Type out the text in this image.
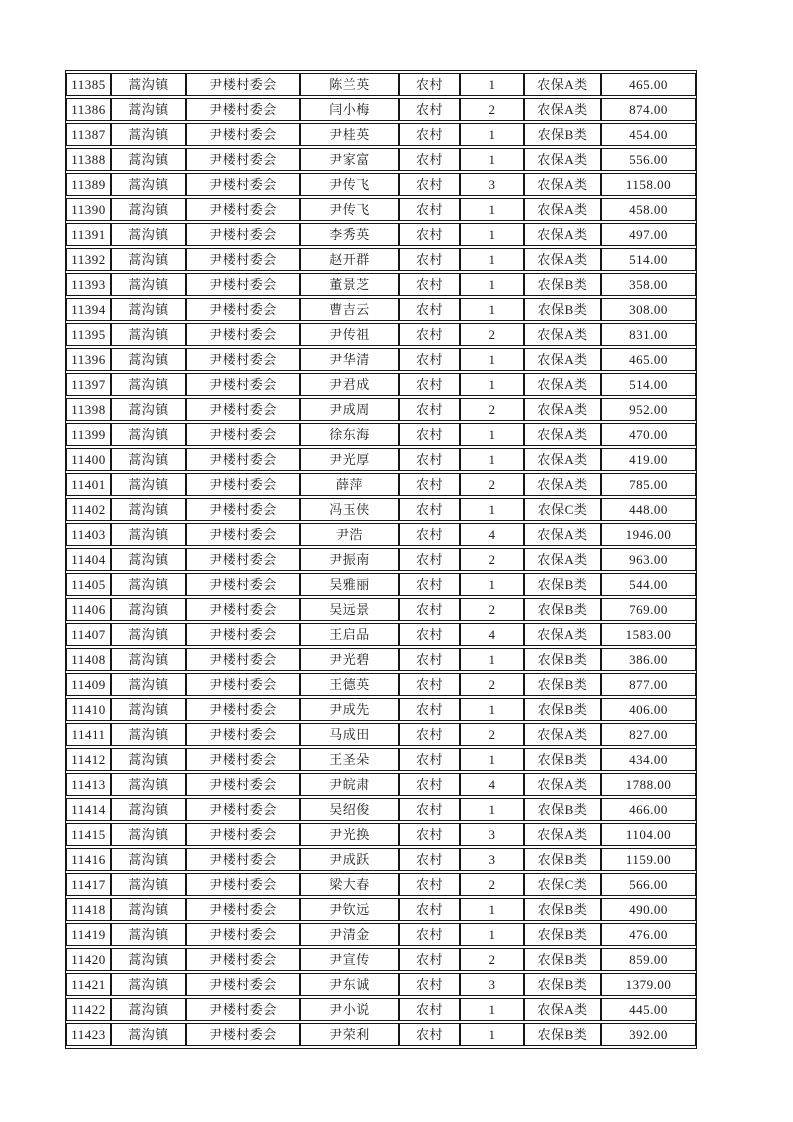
11385	蒿沟镇	尹楼村委会	陈兰英	农村	1	农保A类	465.00
11386	蒿沟镇	尹楼村委会	闫小梅	农村	2	农保A类	874.00
11387	蒿沟镇	尹楼村委会	尹桂英	农村	1	农保B类	454.00
11388	蒿沟镇	尹楼村委会	尹家富	农村	1	农保A类	556.00
11389	蒿沟镇	尹楼村委会	尹传飞	农村	3	农保A类	1158.00
11390	蒿沟镇	尹楼村委会	尹传飞	农村	1	农保A类	458.00
11391	蒿沟镇	尹楼村委会	李秀英	农村	1	农保A类	497.00
11392	蒿沟镇	尹楼村委会	赵开群	农村	1	农保A类	514.00
11393	蒿沟镇	尹楼村委会	董景芝	农村	1	农保B类	358.00
11394	蒿沟镇	尹楼村委会	曹吉云	农村	1	农保B类	308.00
11395	蒿沟镇	尹楼村委会	尹传祖	农村	2	农保A类	831.00
11396	蒿沟镇	尹楼村委会	尹华清	农村	1	农保A类	465.00
11397	蒿沟镇	尹楼村委会	尹君成	农村	1	农保A类	514.00
11398	蒿沟镇	尹楼村委会	尹成周	农村	2	农保A类	952.00
11399	蒿沟镇	尹楼村委会	徐东海	农村	1	农保A类	470.00
11400	蒿沟镇	尹楼村委会	尹光厚	农村	1	农保A类	419.00
11401	蒿沟镇	尹楼村委会	薛萍	农村	2	农保A类	785.00
11402	蒿沟镇	尹楼村委会	冯玉侠	农村	1	农保C类	448.00
11403	蒿沟镇	尹楼村委会	尹浩	农村	4	农保A类	1946.00
11404	蒿沟镇	尹楼村委会	尹振南	农村	2	农保A类	963.00
11405	蒿沟镇	尹楼村委会	吴雅丽	农村	1	农保B类	544.00
11406	蒿沟镇	尹楼村委会	吴远景	农村	2	农保B类	769.00
11407	蒿沟镇	尹楼村委会	王启品	农村	4	农保A类	1583.00
11408	蒿沟镇	尹楼村委会	尹光碧	农村	1	农保B类	386.00
11409	蒿沟镇	尹楼村委会	王德英	农村	2	农保B类	877.00
11410	蒿沟镇	尹楼村委会	尹成先	农村	1	农保B类	406.00
11411	蒿沟镇	尹楼村委会	马成田	农村	2	农保A类	827.00
11412	蒿沟镇	尹楼村委会	王圣朵	农村	1	农保B类	434.00
11413	蒿沟镇	尹楼村委会	尹皖肃	农村	4	农保A类	1788.00
11414	蒿沟镇	尹楼村委会	吴绍俊	农村	1	农保B类	466.00
11415	蒿沟镇	尹楼村委会	尹光换	农村	3	农保A类	1104.00
11416	蒿沟镇	尹楼村委会	尹成跃	农村	3	农保B类	1159.00
11417	蒿沟镇	尹楼村委会	梁大春	农村	2	农保C类	566.00
11418	蒿沟镇	尹楼村委会	尹钦远	农村	1	农保B类	490.00
11419	蒿沟镇	尹楼村委会	尹清金	农村	1	农保B类	476.00
11420	蒿沟镇	尹楼村委会	尹宣传	农村	2	农保B类	859.00
11421	蒿沟镇	尹楼村委会	尹东诚	农村	3	农保B类	1379.00
11422	蒿沟镇	尹楼村委会	尹小说	农村	1	农保A类	445.00
11423	蒿沟镇	尹楼村委会	尹荣利	农村	1	农保B类	392.00
